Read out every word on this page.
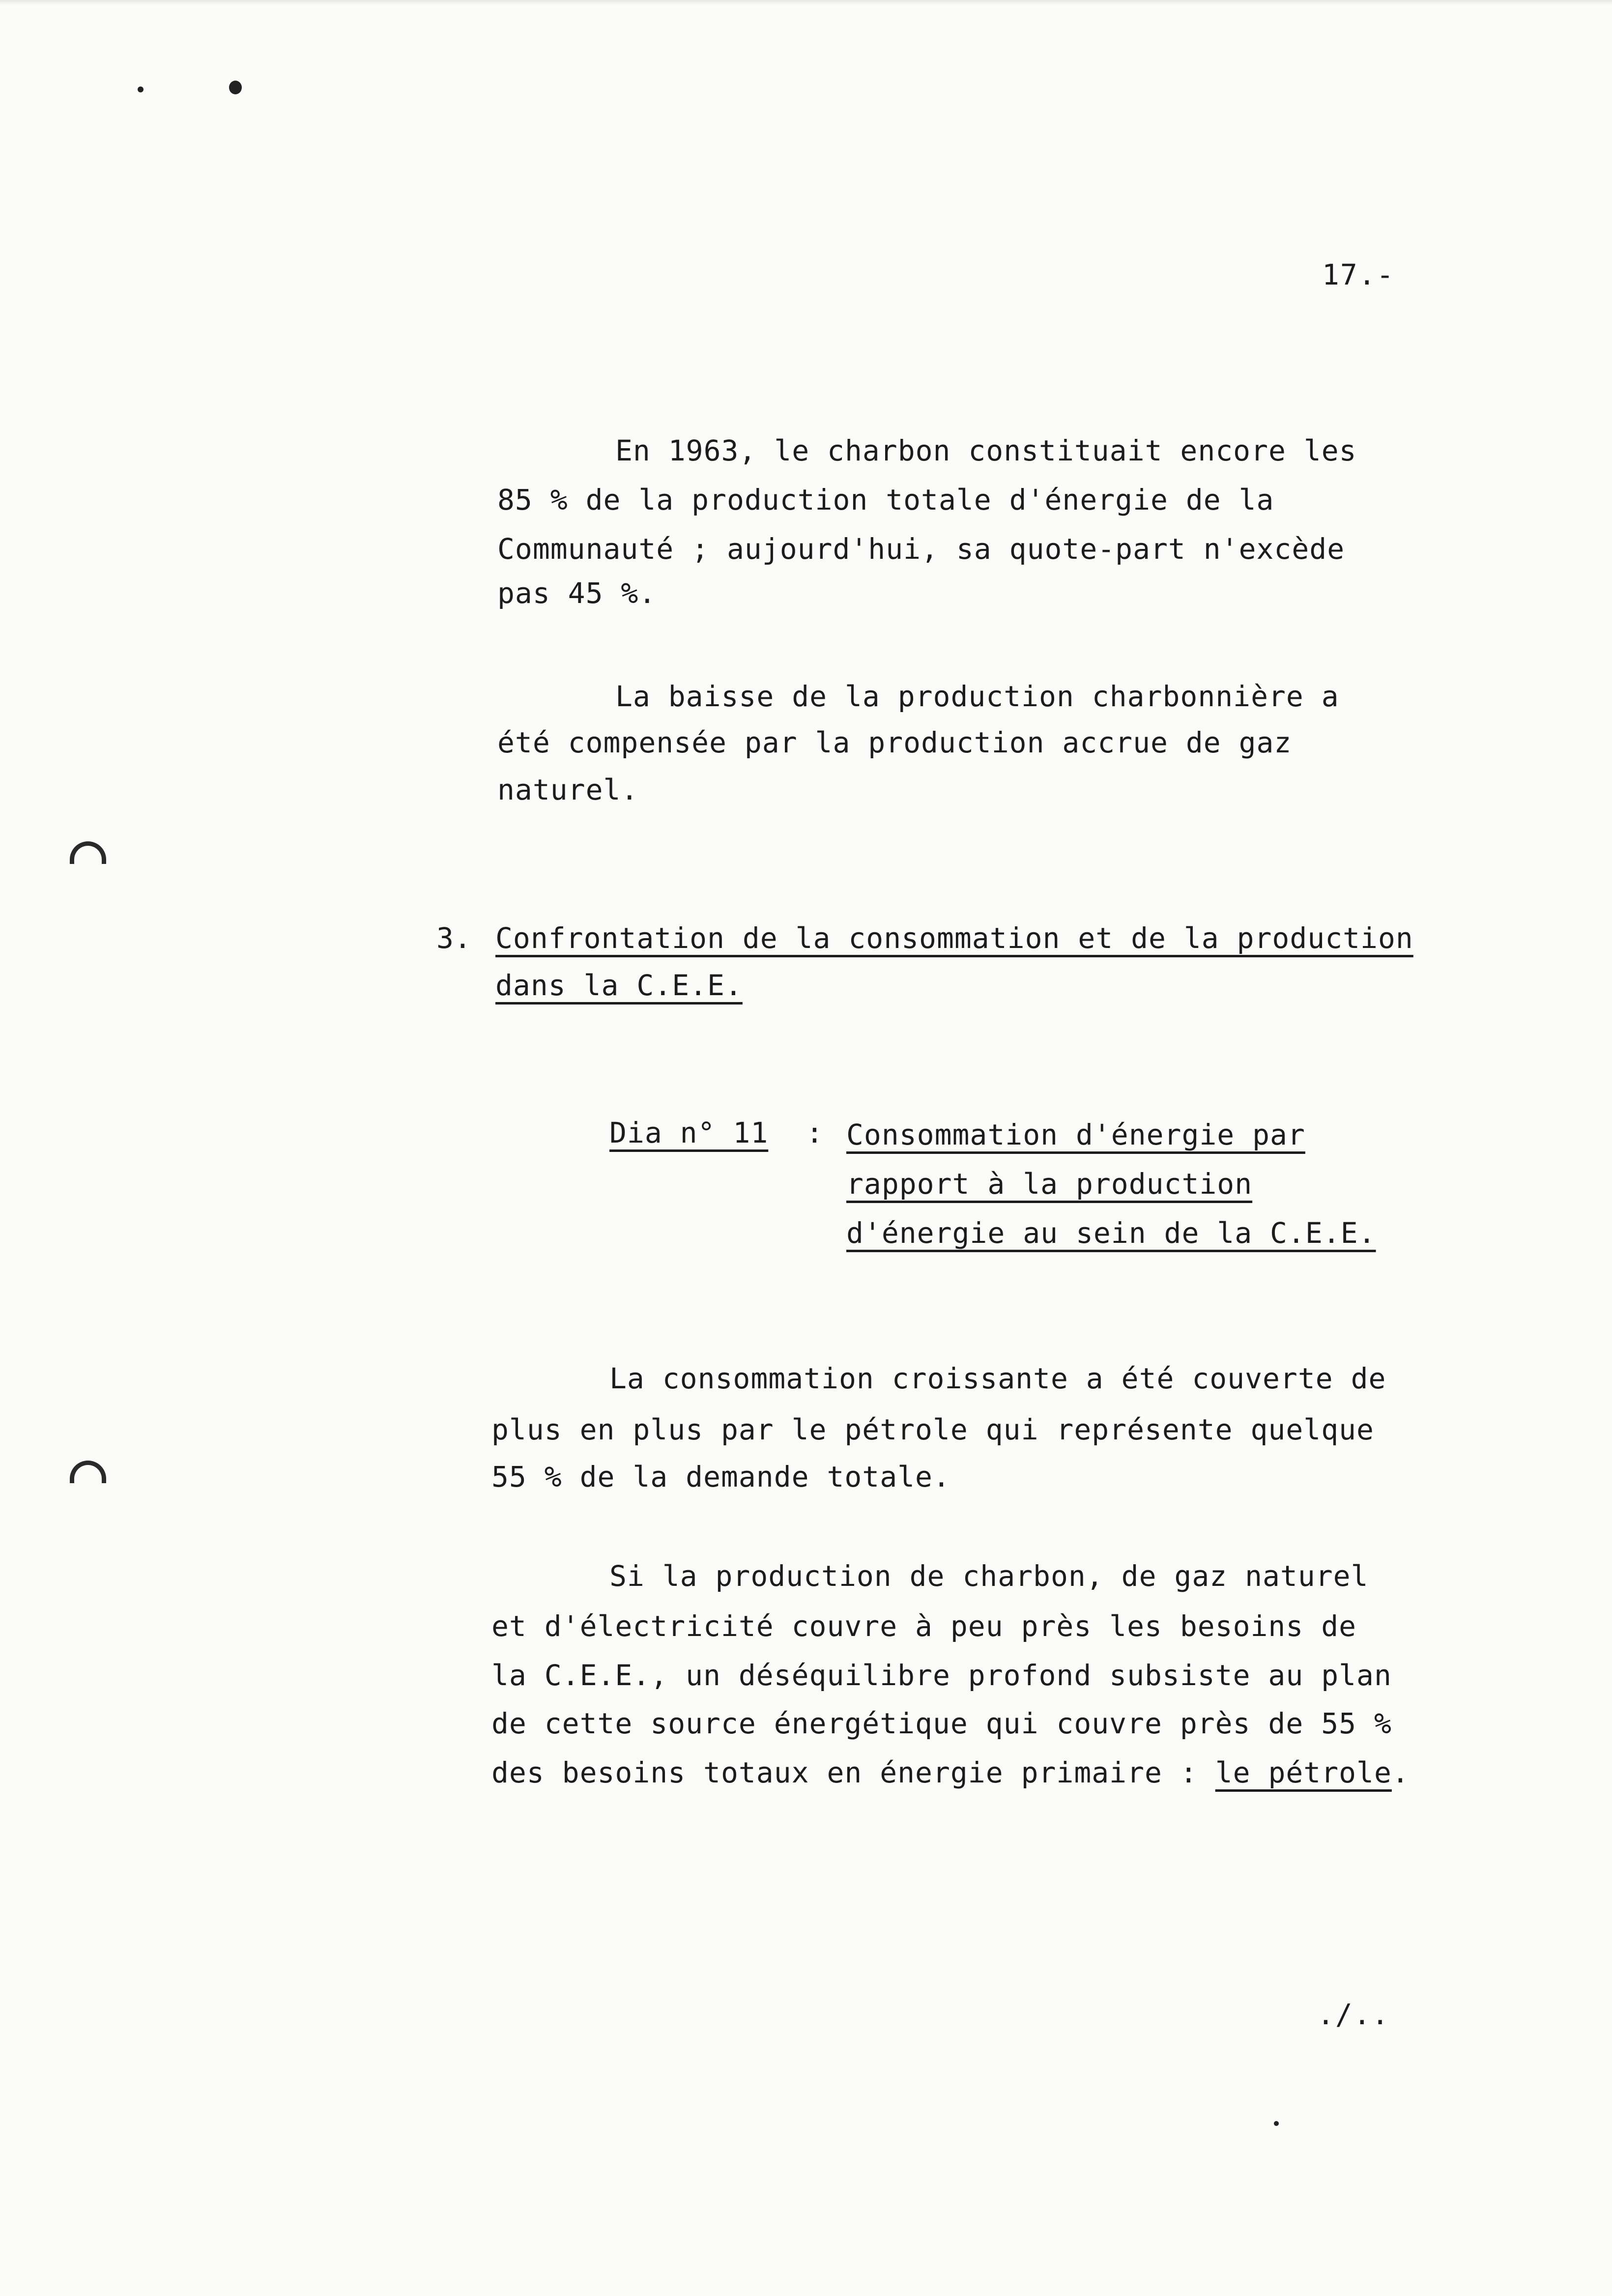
17.-
En 1963, le charbon constituait encore les
85 % de la production totale d'énergie de la
Communauté ; aujourd'hui, sa quote-part n'excède
pas 45 %.
La baisse de la production charbonnière a
été compensée par la production accrue de gaz
naturel.
3. Confrontation de la consommation et de la production
dans la C.E.E.
Dia n° 11 : Consommation d'énergie par
rapport à la production
d'énergie au sein de la C.E.E.
La consommation croissante a été couverte de
plus en plus par le pétrole qui représente quelque
55 % de la demande totale.
Si la production de charbon, de gaz naturel
et d'électricité couvre à peu près les besoins de
la C.E.E., un déséquilibre profond subsiste au plan
de cette source énergétique qui couvre près de 55 %
des besoins totaux en énergie primaire : le pétrole.
./..
